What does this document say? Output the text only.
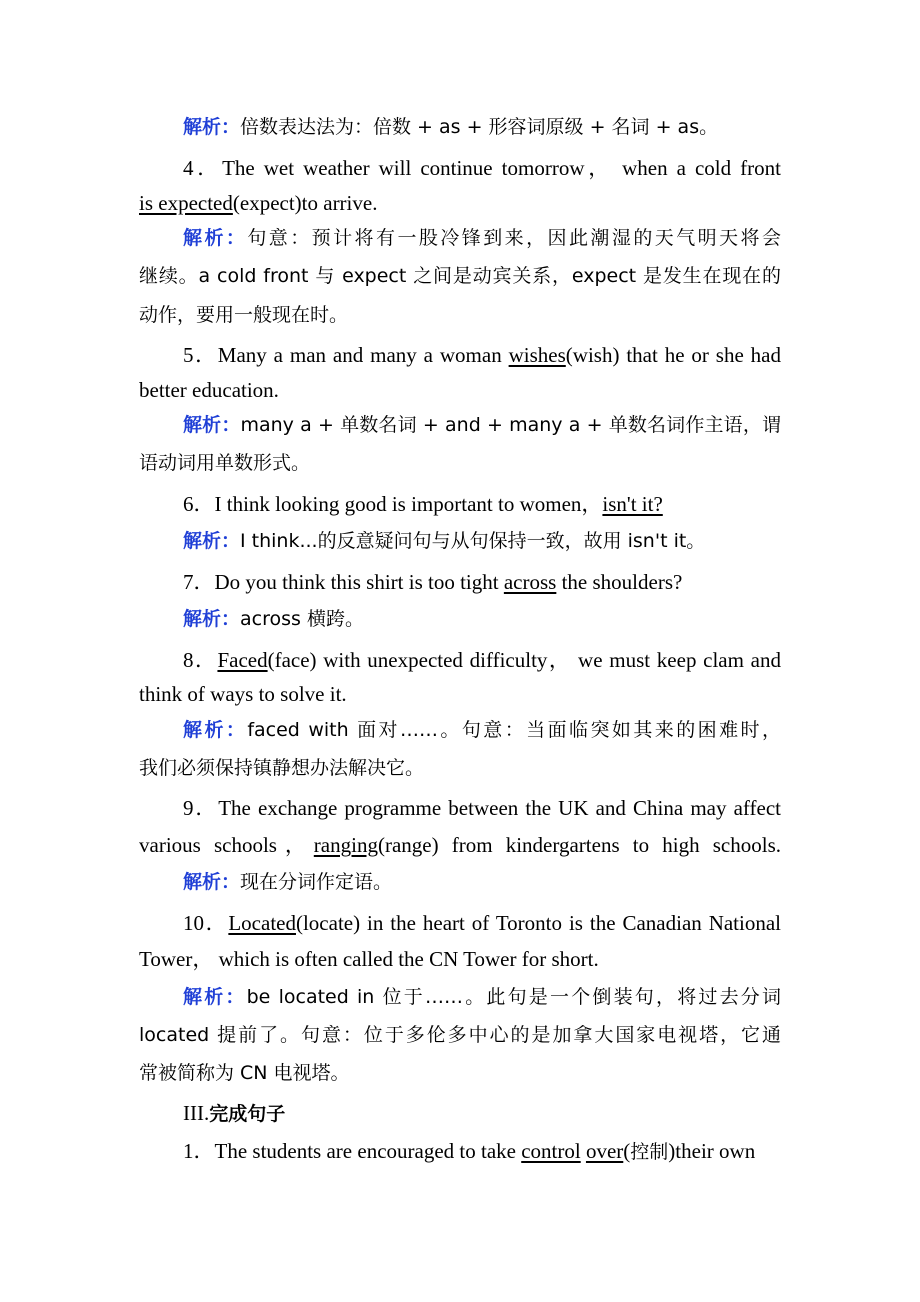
解析：倍数表达法为：倍数 + as + 形容词原级 + 名词 + as。
4．The wet weather will continue tomorrow， when a cold front
is expected(expect)to arrive.
解析：句意：预计将有一股冷锋到来，因此潮湿的天气明天将会
继续。a cold front 与 expect 之间是动宾关系，expect 是发生在现在的
动作，要用一般现在时。
5．Many a man and many a woman wishes(wish) that he or she had
better education.
解析：many a + 单数名词 + and + many a + 单数名词作主语，谓
语动词用单数形式。
6．I think looking good is important to women，isn't it?
解析：I think...的反意疑问句与从句保持一致，故用 isn't it。
7．Do you think this shirt is too tight across the shoulders?
解析：across 横跨。
8．Faced(face) with unexpected difficulty， we must keep clam and
think of ways to solve it.
解析：faced with 面对……。句意：当面临突如其来的困难时，
我们必须保持镇静想办法解决它。
9．The exchange programme between the UK and China may affect
various schools，ranging(range) from kindergartens to high schools.
解析：现在分词作定语。
10．Located(locate) in the heart of Toronto is the Canadian National
Tower， which is often called the CN Tower for short.
解析：be located in 位于……。此句是一个倒装句，将过去分词
located 提前了。句意：位于多伦多中心的是加拿大国家电视塔，它通
常被简称为 CN 电视塔。
III.完成句子
1．The students are encouraged to take control over(控制)their own
